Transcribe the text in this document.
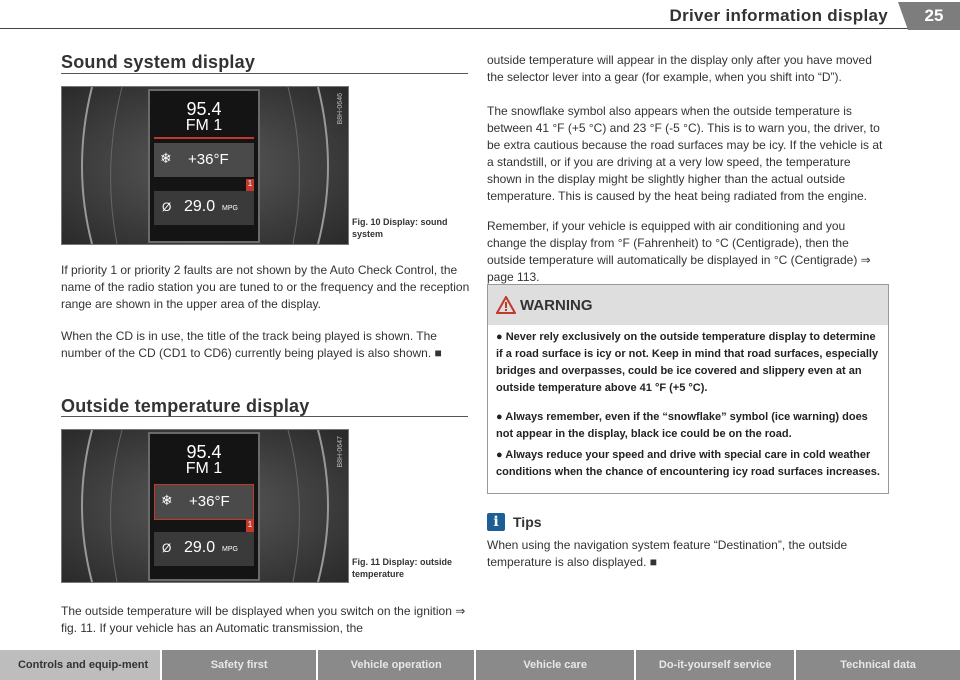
Driver information display	25
Sound system display
95.4
FM 1
❄ +36°F
1
Ø 29.0 MPG
B8H-0646
Fig. 10 Display: sound system

If priority 1 or priority 2 faults are not shown by the Auto Check Control, the name of the radio station you are tuned to or the frequency and the reception range are shown in the upper area of the display.

When the CD is in use, the title of the track being played is shown. The number of the CD (CD1 to CD6) currently being played is also shown. ■

Outside temperature display
95.4
FM 1
❄ +36°F
1
Ø 29.0 MPG
B8H-0647
Fig. 11 Display: outside temperature

The outside temperature will be displayed when you switch on the ignition ⇒ fig. 11. If your vehicle has an Automatic transmission, the

outside temperature will appear in the display only after you have moved the selector lever into a gear (for example, when you shift into “D”).

The snowflake symbol also appears when the outside temperature is between 41 °F (+5 °C) and 23 °F (-5 °C). This is to warn you, the driver, to be extra cautious because the road surfaces may be icy. If the vehicle is at a standstill, or if you are driving at a very low speed, the temperature shown in the display might be slightly higher than the actual outside temperature. This is caused by the heat being radiated from the engine.

Remember, if your vehicle is equipped with air conditioning and you change the display from °F (Fahrenheit) to °C (Centigrade), then the outside temperature will automatically be displayed in °C (Centigrade) ⇒ page 113.

WARNING
● Never rely exclusively on the outside temperature display to determine if a road surface is icy or not. Keep in mind that road surfaces, especially bridges and overpasses, could be ice covered and slippery even at an outside temperature above 41 °F (+5 °C).
● Always remember, even if the “snowflake” symbol (ice warning) does not appear in the display, black ice could be on the road.
● Always reduce your speed and drive with special care in cold weather conditions when the chance of encountering icy road surfaces increases.
i	Tips

When using the navigation system feature “Destination”, the outside temperature is also displayed. ■

Controls and equip-ment	Safety first	Vehicle operation	Vehicle care	Do-it-yourself service	Technical data
